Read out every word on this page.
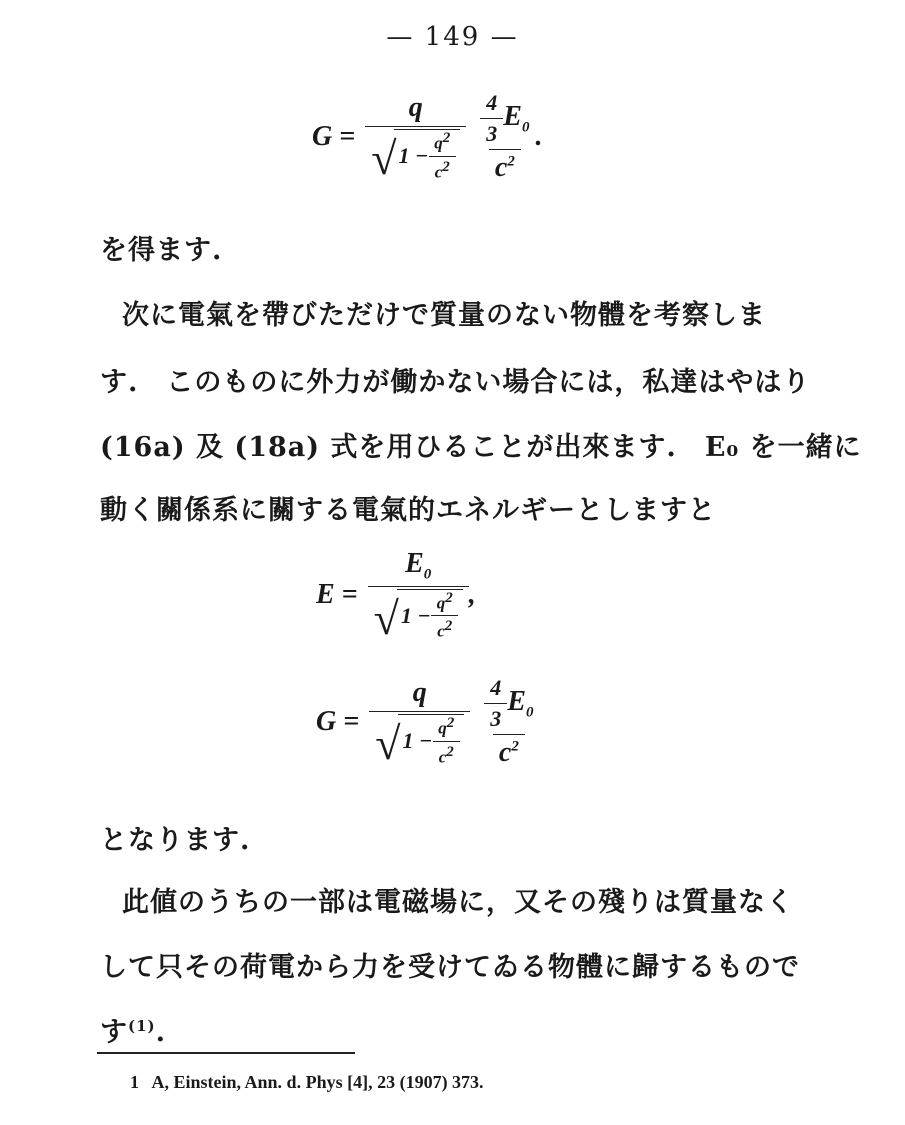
— 149 —
G =
q
√ $1 - \frac{q2}{c2} \frac{\frac{4}{3} E_0}{c^2}$ .
を得ます.
次に電氣を帶びただけで質量のない物體を考察しま
す.　このものに外力が働かない場合には，私達はやはり
(16a) 及 (18a) 式を用ひることが出來ます.　E₀ を一緒に
動く關係系に關する電氣的エネルギーとしますと
E =
$E_0$
√ $1 - \frac{q2}{c2}$ ,
G =
q
√ $1 - \frac{q2}{c2} \frac{\frac{4}{3} E_0}{c^2}$
となります.
此値のうちの一部は電磁場に，又その殘りは質量なく
して只その荷電から力を受けてゐる物體に歸するもので
す$^{(1)}$.
1 A, Einstein, Ann. d. Phys [4], 23 (1907) 373.
